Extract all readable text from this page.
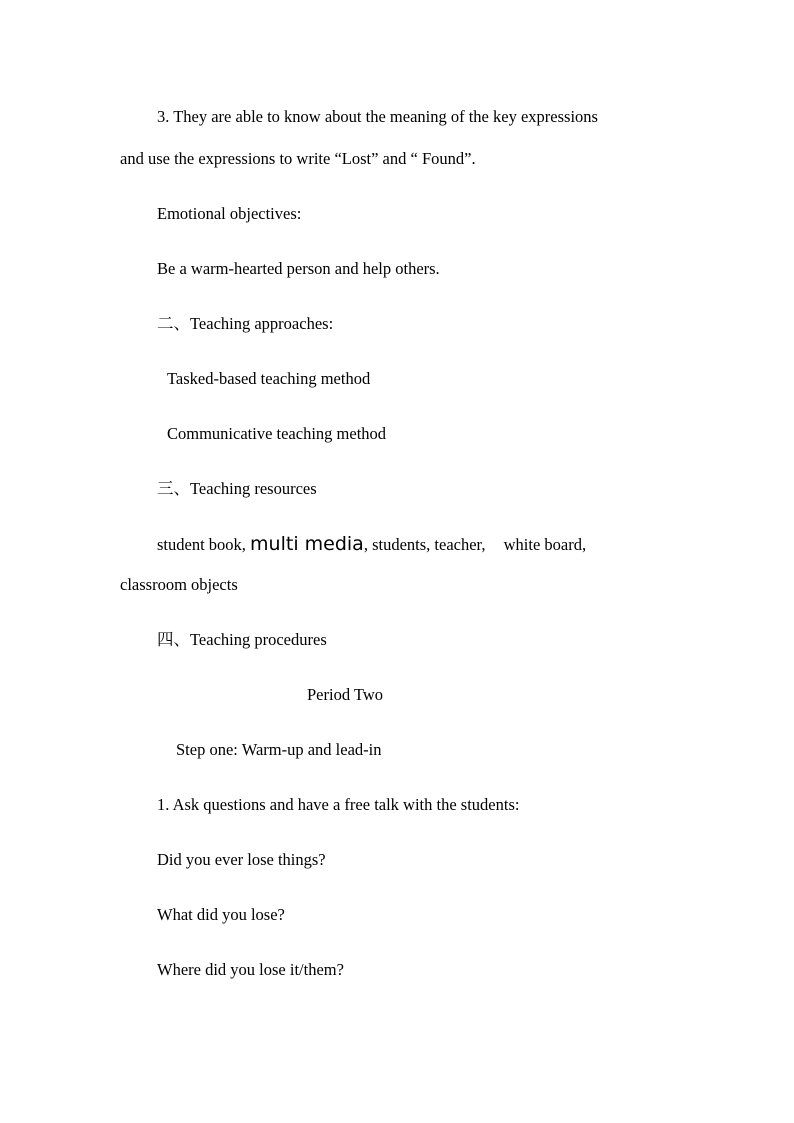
3. They are able to know about the meaning of the key expressions
and use the expressions to write “Lost” and “ Found”.
Emotional objectives:
Be a warm-hearted person and help others.
二、Teaching approaches:
Tasked-based teaching method
Communicative teaching method
三、Teaching resources
student book, multi media, students, teacher, white board,
classroom objects
四、Teaching procedures
Period Two
Step one: Warm-up and lead-in
1. Ask questions and have a free talk with the students:
Did you ever lose things?
What did you lose?
Where did you lose it/them?
